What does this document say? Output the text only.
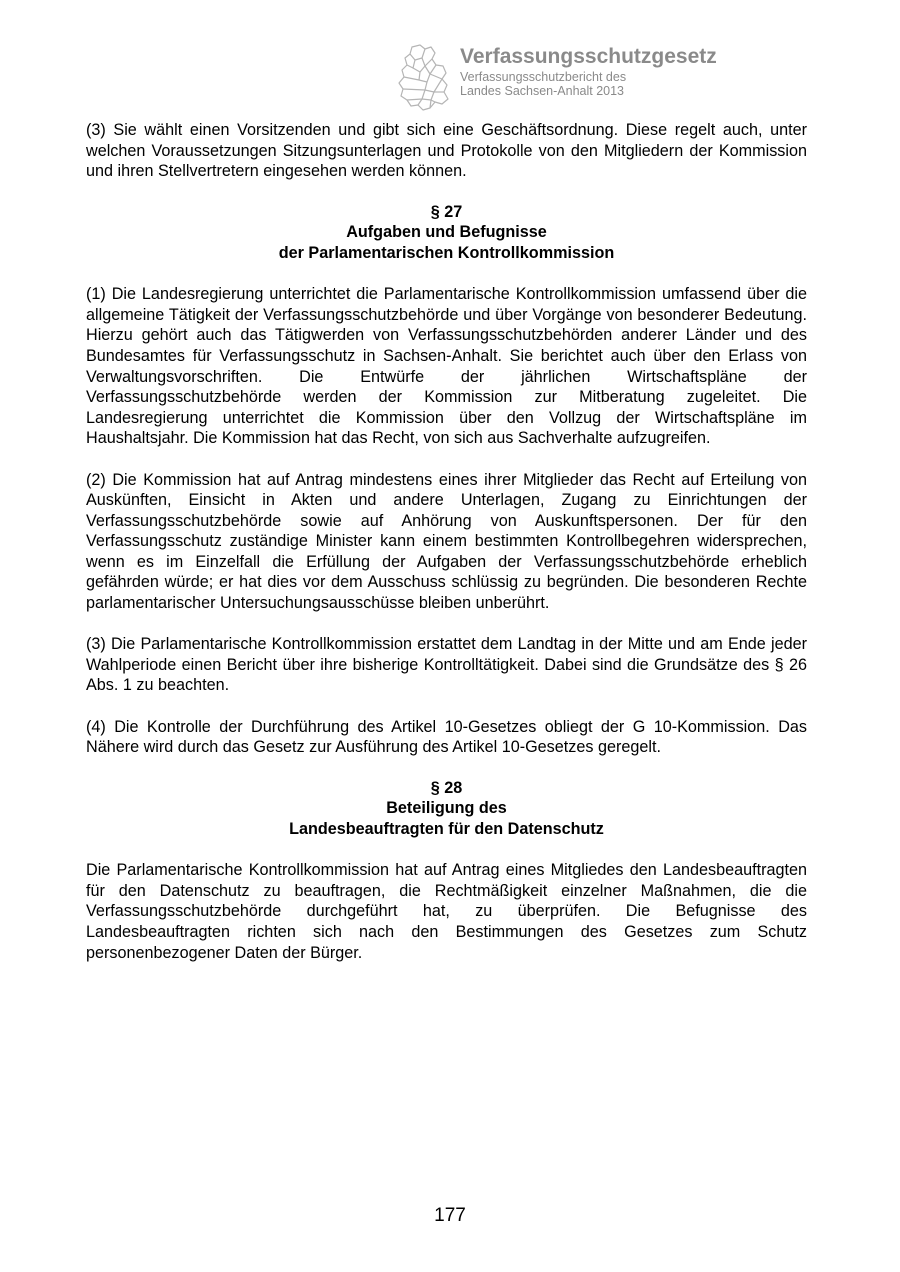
Verfassungsschutzgesetz
Verfassungsschutzbericht des
Landes Sachsen-Anhalt 2013

(3) Sie wählt einen Vorsitzenden und gibt sich eine Geschäftsordnung. Diese regelt auch, unter welchen Voraussetzungen Sitzungsunterlagen und Protokolle von den Mitgliedern der Kommission und ihren Stellvertretern eingesehen werden können.

§ 27

Aufgaben und Befugnisse

der Parlamentarischen Kontrollkommission

(1) Die Landesregierung unterrichtet die Parlamentarische Kontrollkommission umfassend über die allgemeine Tätigkeit der Verfassungsschutzbehörde und über Vorgänge von besonderer Bedeutung. Hierzu gehört auch das Tätigwerden von Verfassungsschutzbehörden anderer Länder und des Bundesamtes für Verfassungsschutz in Sachsen-Anhalt. Sie berichtet auch über den Erlass von Verwaltungsvorschriften. Die Entwürfe der jährlichen Wirtschaftspläne der Verfassungsschutzbehörde werden der Kommission zur Mitberatung zugeleitet. Die Landesregierung unterrichtet die Kommission über den Vollzug der Wirtschaftspläne im Haushaltsjahr. Die Kommission hat das Recht, von sich aus Sachverhalte aufzugreifen.

(2) Die Kommission hat auf Antrag mindestens eines ihrer Mitglieder das Recht auf Erteilung von Auskünften, Einsicht in Akten und andere Unterlagen, Zugang zu Einrichtungen der Verfassungsschutzbehörde sowie auf Anhörung von Auskunftspersonen. Der für den Verfassungsschutz zuständige Minister kann einem bestimmten Kontrollbegehren widersprechen, wenn es im Einzelfall die Erfüllung der Aufgaben der Verfassungsschutzbehörde erheblich gefährden würde; er hat dies vor dem Ausschuss schlüssig zu begründen. Die besonderen Rechte parlamentarischer Untersuchungsausschüsse bleiben unberührt.

(3) Die Parlamentarische Kontrollkommission erstattet dem Landtag in der Mitte und am Ende jeder Wahlperiode einen Bericht über ihre bisherige Kontrolltätigkeit. Dabei sind die Grundsätze des § 26 Abs. 1 zu beachten.

(4) Die Kontrolle der Durchführung des Artikel 10-Gesetzes obliegt der G 10-Kommission. Das Nähere wird durch das Gesetz zur Ausführung des Artikel 10-Gesetzes geregelt.

§ 28

Beteiligung des

Landesbeauftragten für den Datenschutz

Die Parlamentarische Kontrollkommission hat auf Antrag eines Mitgliedes den Landesbeauftragten für den Datenschutz zu beauftragen, die Rechtmäßigkeit einzelner Maßnahmen, die die Verfassungsschutzbehörde durchgeführt hat, zu überprüfen. Die Befugnisse des Landesbeauftragten richten sich nach den Bestimmungen des Gesetzes zum Schutz personenbezogener Daten der Bürger.

177
